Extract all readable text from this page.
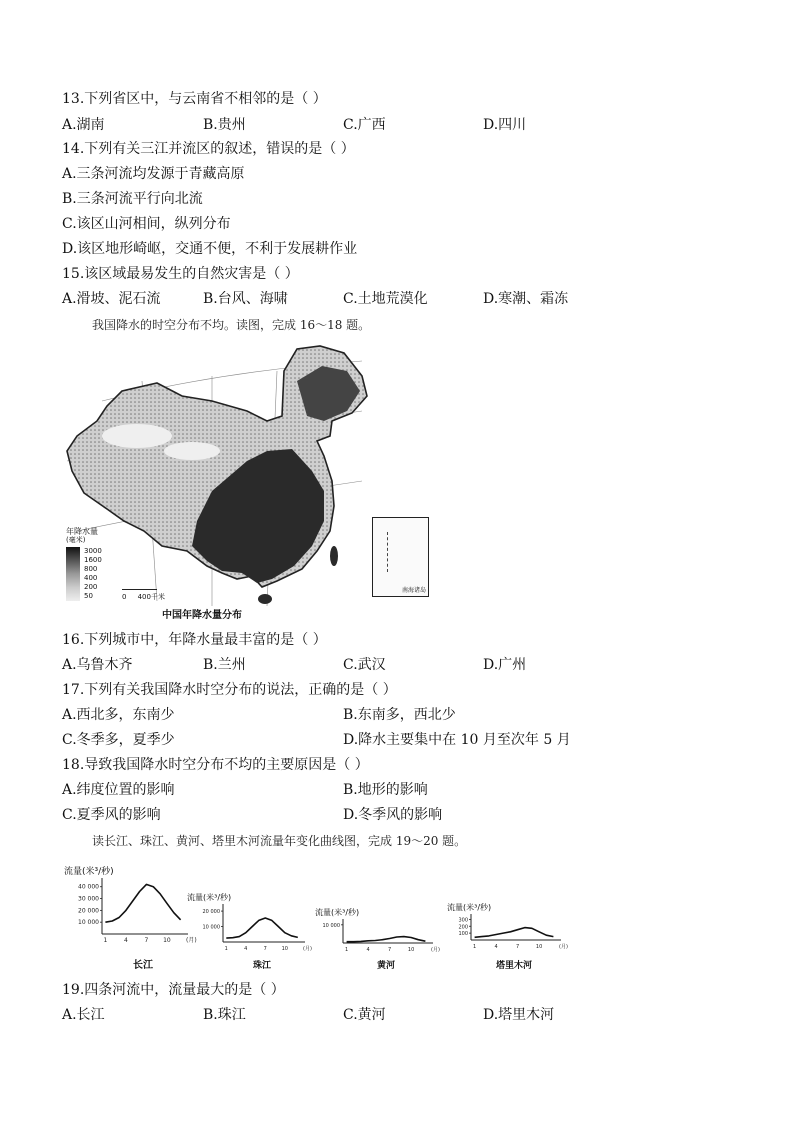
13.下列省区中，与云南省不相邻的是（ ）
A.湖南	B.贵州	C.广西	D.四川
14.下列有关三江并流区的叙述，错误的是（ ）
A.三条河流均发源于青藏高原
B.三条河流平行向北流
C.该区山河相间，纵列分布
D.该区地形崎岖，交通不便，不利于发展耕作业
15.该区域最易发生的自然灾害是（ ）
A.滑坡、泥石流	B.台风、海啸	C.土地荒漠化	D.寒潮、霜冻
我国降水的时空分布不均。读图，完成 16～18 题。
年降水量
(毫米)
3000
1600
800
400
200
50	0     400千米
中国年降水量分布
南海诸岛
16.下列城市中，年降水量最丰富的是（ ）
A.乌鲁木齐	B.兰州	C.武汉	D.广州
17.下列有关我国降水时空分布的说法，正确的是（ ）
A.西北多，东南少	B.东南多，西北少
C.冬季多，夏季少	D.降水主要集中在 10 月至次年 5 月
18.导致我国降水时空分布不均的主要原因是（ ）
A.纬度位置的影响	B.地形的影响
C.夏季风的影响	D.冬季风的影响
读长江、珠江、黄河、塔里木河流量年变化曲线图，完成 19～20 题。
流量(米³/秒)
40 000
30 000
20 000
10 000
1	4	7 10	(月)
长江
流量(米³/秒)
20 000
10 000
1	4	7	10	(月)
珠江
流量(米³/秒)
10 000
1	4	7	10	(月)
黄河
流量(米³/秒)
300
200
100
1	4	7	10	(月)
塔里木河
19.四条河流中，流量最大的是（ ）
A.长江	B.珠江	C.黄河	D.塔里木河
